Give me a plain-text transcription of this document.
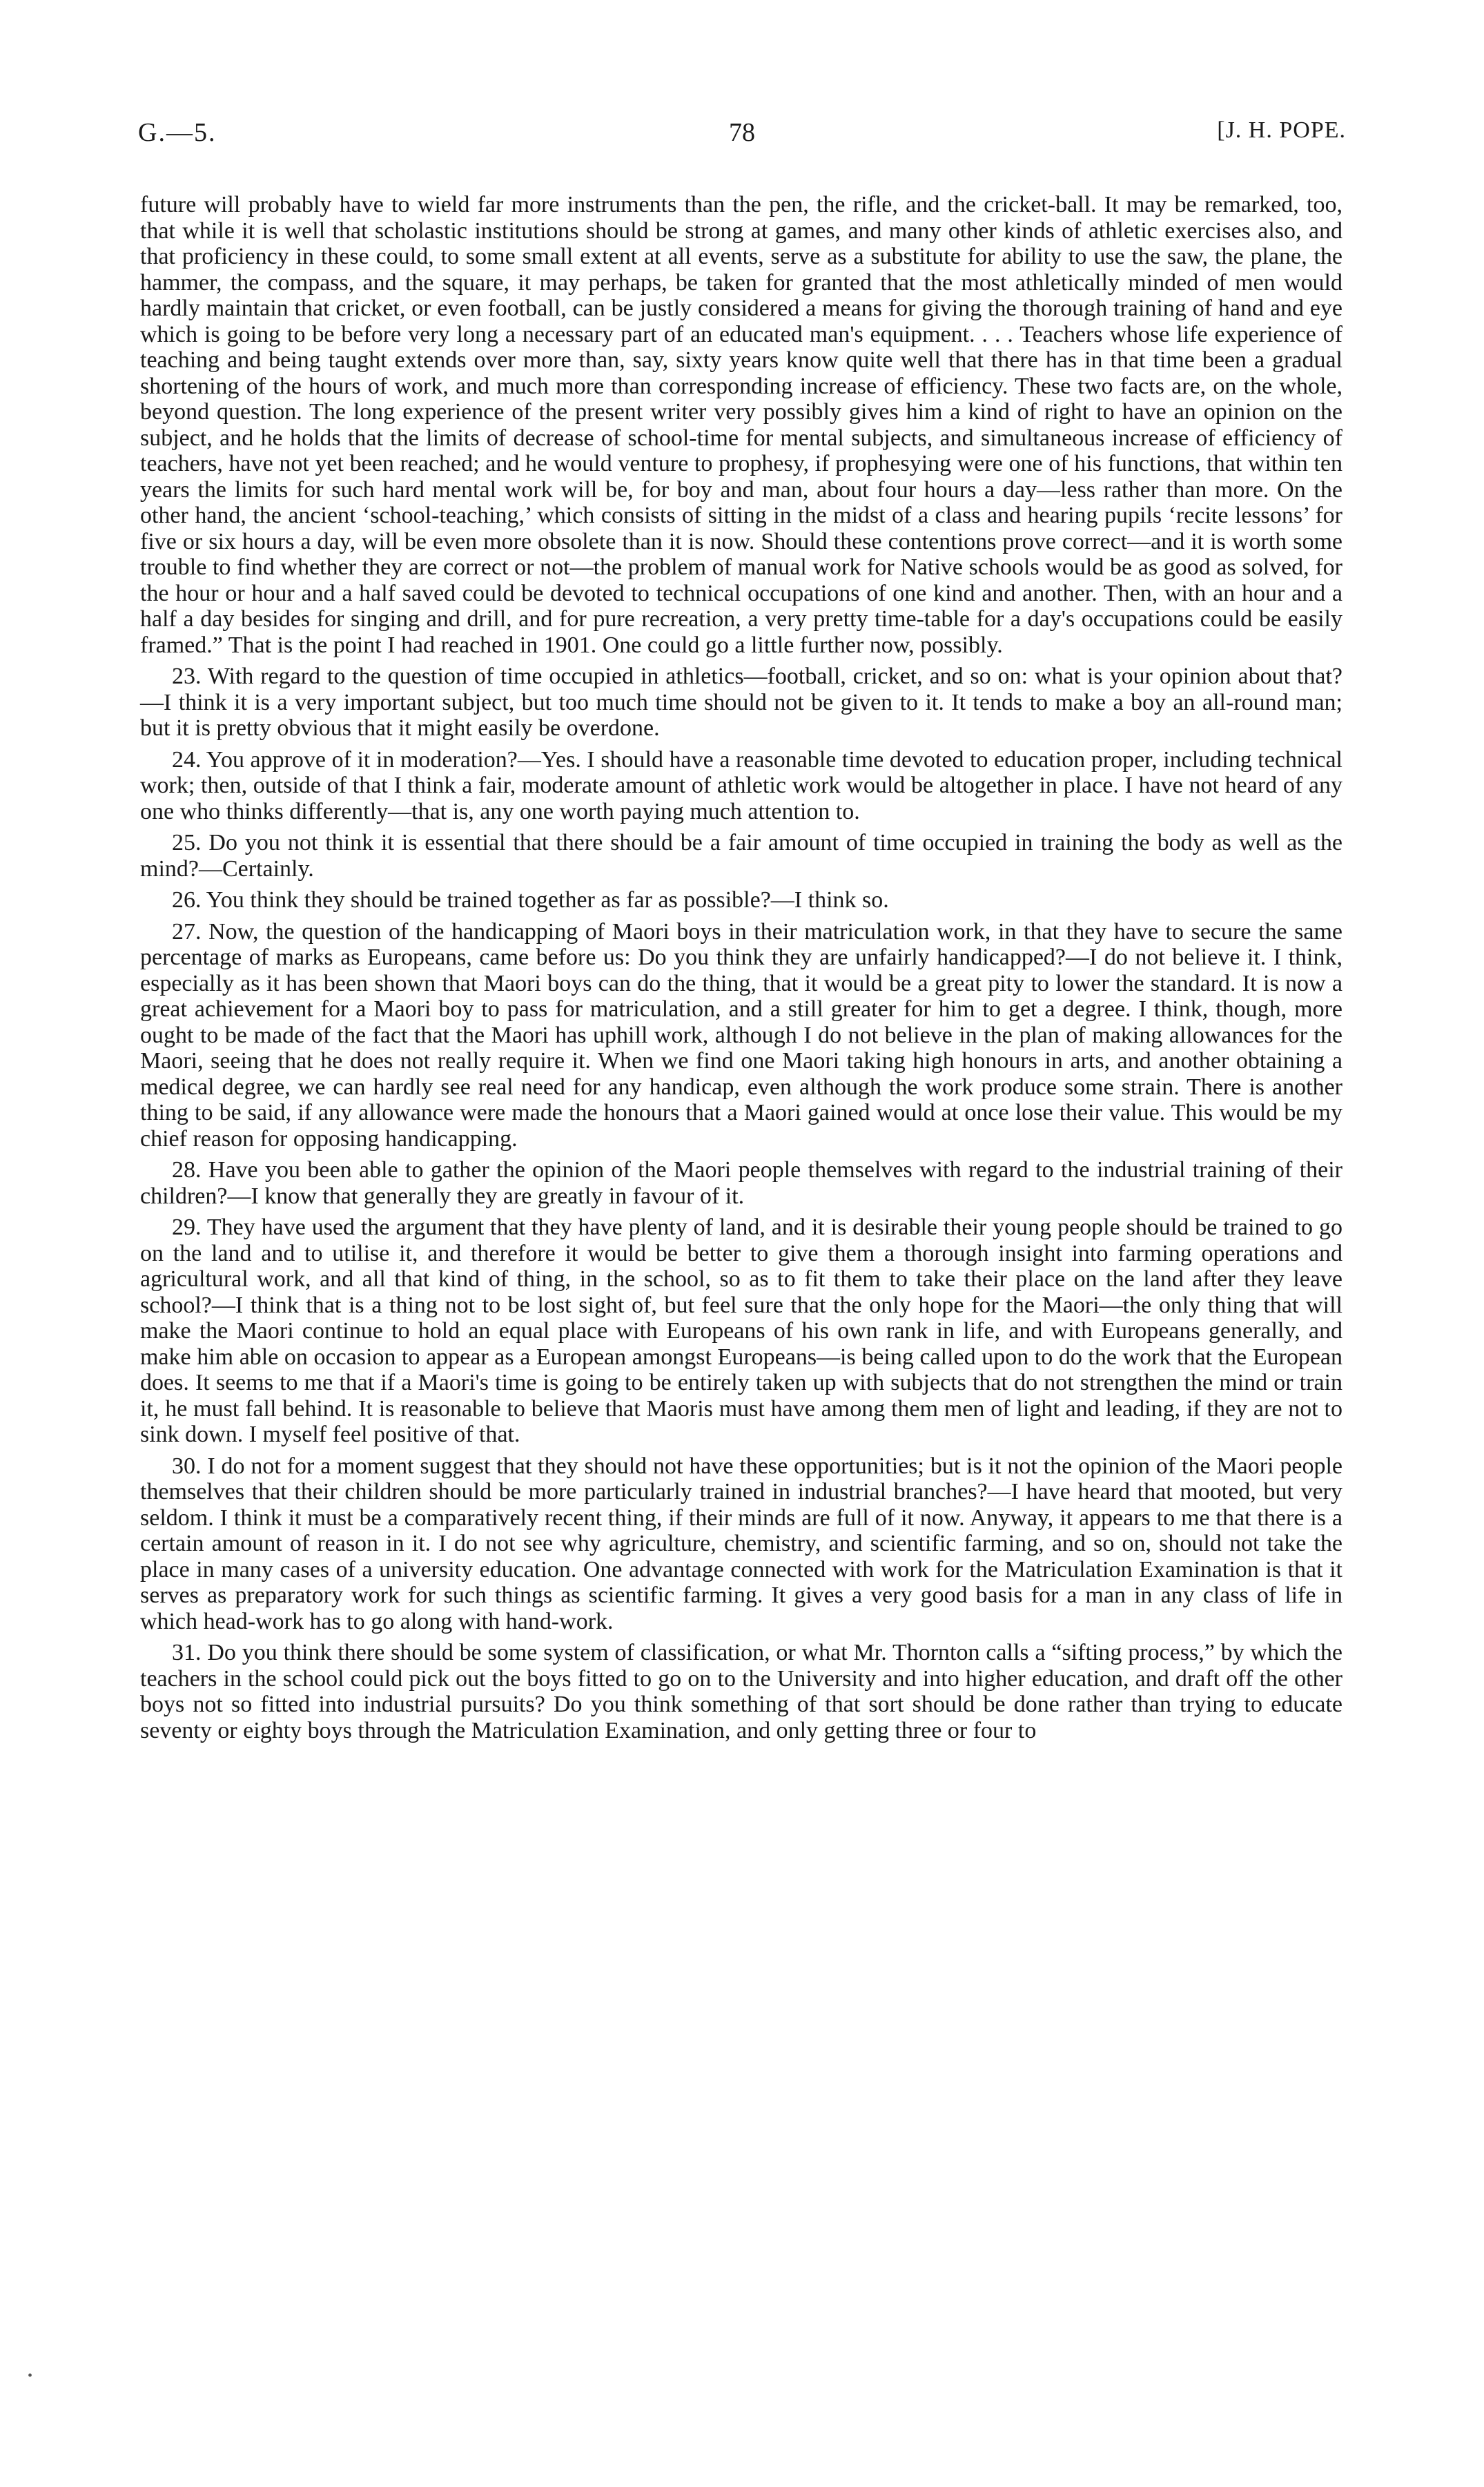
G.—5.	78	[J. H. POPE.

future will probably have to wield far more instruments than the pen, the rifle, and the cricket-ball. It may be remarked, too, that while it is well that scholastic institutions should be strong at games, and many other kinds of athletic exercises also, and that proficiency in these could, to some small extent at all events, serve as a substitute for ability to use the saw, the plane, the hammer, the compass, and the square, it may perhaps, be taken for granted that the most athletically minded of men would hardly maintain that cricket, or even football, can be justly considered a means for giving the thorough training of hand and eye which is going to be before very long a necessary part of an educated man's equipment. . . . Teachers whose life experience of teaching and being taught extends over more than, say, sixty years know quite well that there has in that time been a gradual shortening of the hours of work, and much more than corresponding increase of efficiency. These two facts are, on the whole, beyond question. The long experience of the present writer very possibly gives him a kind of right to have an opinion on the subject, and he holds that the limits of decrease of school-time for mental subjects, and simultaneous increase of efficiency of teachers, have not yet been reached; and he would venture to prophesy, if prophesying were one of his functions, that within ten years the limits for such hard mental work will be, for boy and man, about four hours a day—less rather than more. On the other hand, the ancient ‘school-teaching,’ which consists of sitting in the midst of a class and hearing pupils ‘recite lessons’ for five or six hours a day, will be even more obsolete than it is now. Should these contentions prove correct—and it is worth some trouble to find whether they are correct or not—the problem of manual work for Native schools would be as good as solved, for the hour or hour and a half saved could be devoted to technical occupations of one kind and another. Then, with an hour and a half a day besides for singing and drill, and for pure recreation, a very pretty time-table for a day's occupations could be easily framed.” That is the point I had reached in 1901. One could go a little further now, possibly.

23. With regard to the question of time occupied in athletics—football, cricket, and so on: what is your opinion about that?—I think it is a very important subject, but too much time should not be given to it. It tends to make a boy an all-round man; but it is pretty obvious that it might easily be overdone.

24. You approve of it in moderation?—Yes. I should have a reasonable time devoted to education proper, including technical work; then, outside of that I think a fair, moderate amount of athletic work would be altogether in place. I have not heard of any one who thinks differently—that is, any one worth paying much attention to.

25. Do you not think it is essential that there should be a fair amount of time occupied in training the body as well as the mind?—Certainly.

26. You think they should be trained together as far as possible?—I think so.

27. Now, the question of the handicapping of Maori boys in their matriculation work, in that they have to secure the same percentage of marks as Europeans, came before us: Do you think they are unfairly handicapped?—I do not believe it. I think, especially as it has been shown that Maori boys can do the thing, that it would be a great pity to lower the standard. It is now a great achievement for a Maori boy to pass for matriculation, and a still greater for him to get a degree. I think, though, more ought to be made of the fact that the Maori has uphill work, although I do not believe in the plan of making allowances for the Maori, seeing that he does not really require it. When we find one Maori taking high honours in arts, and another obtaining a medical degree, we can hardly see real need for any handicap, even although the work produce some strain. There is another thing to be said, if any allowance were made the honours that a Maori gained would at once lose their value. This would be my chief reason for opposing handicapping.

28. Have you been able to gather the opinion of the Maori people themselves with regard to the industrial training of their children?—I know that generally they are greatly in favour of it.

29. They have used the argument that they have plenty of land, and it is desirable their young people should be trained to go on the land and to utilise it, and therefore it would be better to give them a thorough insight into farming operations and agricultural work, and all that kind of thing, in the school, so as to fit them to take their place on the land after they leave school?—I think that is a thing not to be lost sight of, but feel sure that the only hope for the Maori—the only thing that will make the Maori continue to hold an equal place with Europeans of his own rank in life, and with Europeans generally, and make him able on occasion to appear as a European amongst Europeans—is being called upon to do the work that the European does. It seems to me that if a Maori's time is going to be entirely taken up with subjects that do not strengthen the mind or train it, he must fall behind. It is reasonable to believe that Maoris must have among them men of light and leading, if they are not to sink down. I myself feel positive of that.

30. I do not for a moment suggest that they should not have these opportunities; but is it not the opinion of the Maori people themselves that their children should be more particularly trained in industrial branches?—I have heard that mooted, but very seldom. I think it must be a comparatively recent thing, if their minds are full of it now. Anyway, it appears to me that there is a certain amount of reason in it. I do not see why agriculture, chemistry, and scientific farming, and so on, should not take the place in many cases of a university education. One advantage connected with work for the Matriculation Examination is that it serves as preparatory work for such things as scientific farming. It gives a very good basis for a man in any class of life in which head-work has to go along with hand-work.

31. Do you think there should be some system of classification, or what Mr. Thornton calls a “sifting process,” by which the teachers in the school could pick out the boys fitted to go on to the University and into higher education, and draft off the other boys not so fitted into industrial pursuits? Do you think something of that sort should be done rather than trying to educate seventy or eighty boys through the Matriculation Examination, and only getting three or four to

•
